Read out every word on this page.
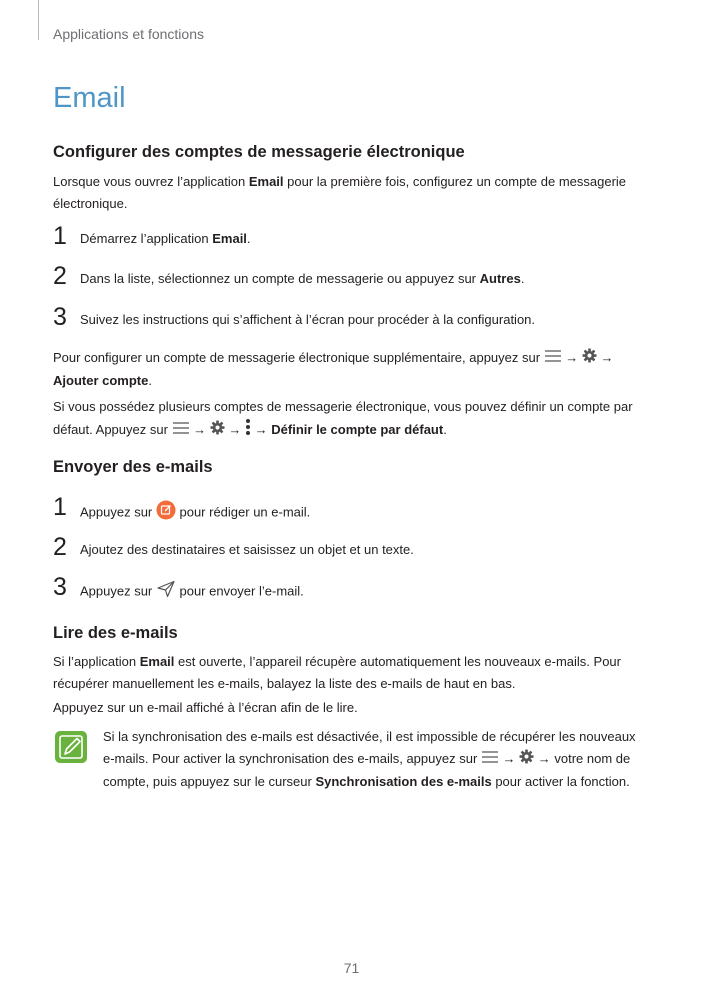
Applications et fonctions
Email
Configurer des comptes de messagerie électronique

Lorsque vous ouvrez l’application Email pour la première fois, configurez un compte de messagerie électronique.

1 Démarrez l’application Email.
2 Dans la liste, sélectionnez un compte de messagerie ou appuyez sur Autres.
3 Suivez les instructions qui s’affichent à l’écran pour procéder à la configuration.

Pour configurer un compte de messagerie électronique supplémentaire, appuyez sur  → →
Ajouter compte.

Si vous possédez plusieurs comptes de messagerie électronique, vous pouvez définir un compte par défaut. Appuyez sur  → → → Définir le compte par défaut.

Envoyer des e-mails
1 Appuyez sur  pour rédiger un e-mail.
2 Ajoutez des destinataires et saisissez un objet et un texte.
3 Appuyez sur  pour envoyer l’e-mail.
Lire des e-mails

Si l’application Email est ouverte, l’appareil récupère automatiquement les nouveaux e-mails. Pour récupérer manuellement les e-mails, balayez la liste des e-mails de haut en bas.

Appuyez sur un e-mail affiché à l’écran afin de le lire.

Si la synchronisation des e-mails est désactivée, il est impossible de récupérer les nouveaux e-mails. Pour activer la synchronisation des e-mails, appuyez sur  → → votre nom de compte, puis appuyez sur le curseur Synchronisation des e-mails pour activer la fonction.

71
